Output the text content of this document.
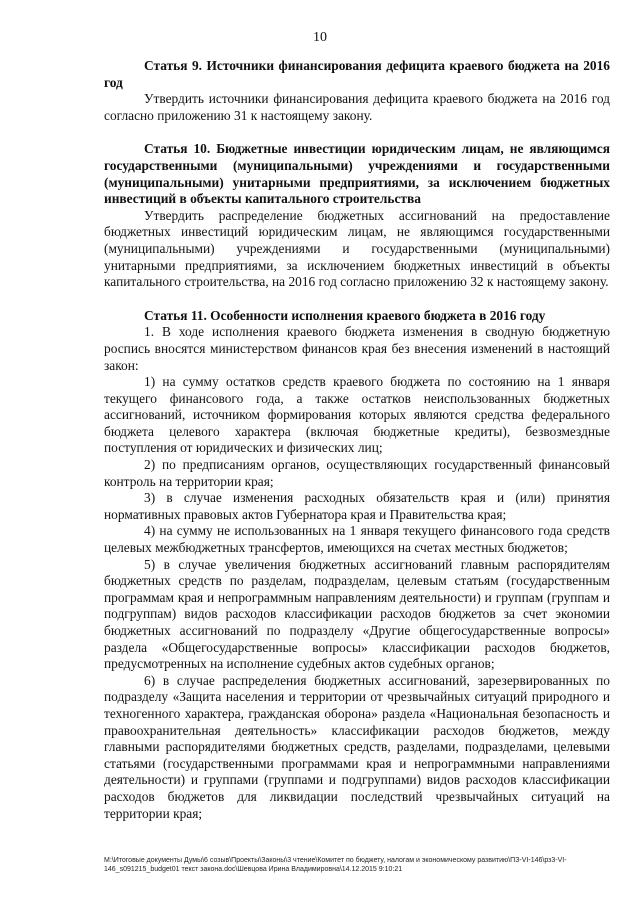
10

Статья 9. Источники финансирования дефицита краевого бюджета на 2016 год

Утвердить источники финансирования дефицита краевого бюджета на 2016 год согласно приложению 31 к настоящему закону.

Статья 10. Бюджетные инвестиции юридическим лицам, не являющимся государственными (муниципальными) учреждениями и государственными (муниципальными) унитарными предприятиями, за исключением бюджетных инвестиций в объекты капитального строительства

Утвердить распределение бюджетных ассигнований на предоставление бюджетных инвестиций юридическим лицам, не являющимся государственными (муниципальными) учреждениями и государственными (муниципальными) унитарными предприятиями, за исключением бюджетных инвестиций в объекты капитального строительства, на 2016 год согласно приложению 32 к настоящему закону.

Статья 11. Особенности исполнения краевого бюджета в 2016 году

1. В ходе исполнения краевого бюджета изменения в сводную бюджетную роспись вносятся министерством финансов края без внесения изменений в настоящий закон:

1) на сумму остатков средств краевого бюджета по состоянию на 1 января текущего финансового года, а также остатков неиспользованных бюджетных ассигнований, источником формирования которых являются средства федерального бюджета целевого характера (включая бюджетные кредиты), безвозмездные поступления от юридических и физических лиц;

2) по предписаниям органов, осуществляющих государственный финансовый контроль на территории края;

3) в случае изменения расходных обязательств края и (или) принятия нормативных правовых актов Губернатора края и Правительства края;

4) на сумму не использованных на 1 января текущего финансового года средств целевых межбюджетных трансфертов, имеющихся на счетах местных бюджетов;

5) в случае увеличения бюджетных ассигнований главным распорядителям бюджетных средств по разделам, подразделам, целевым статьям (государственным программам края и непрограммным направлениям деятельности) и группам (группам и подгруппам) видов расходов классификации расходов бюджетов за счет экономии бюджетных ассигнований по подразделу «Другие общегосударственные вопросы» раздела «Общегосударственные вопросы» классификации расходов бюджетов, предусмотренных на исполнение судебных актов судебных органов;

6) в случае распределения бюджетных ассигнований, зарезервированных по подразделу «Защита населения и территории от чрезвычайных ситуаций природного и техногенного характера, гражданская оборона» раздела «Национальная безопасность и правоохранительная деятельность» классификации расходов бюджетов, между главными распорядителями бюджетных средств, разделами, подразделами, целевыми статьями (государственными программами края и непрограммными направлениями деятельности) и группами (группами и подгруппами) видов расходов классификации расходов бюджетов для ликвидации последствий чрезвычайных ситуаций на территории края;

М:\Итоговые документы Думы\6 созыв\Проекты\Законы\3 чтение\Комитет по бюджету, налогам и экономическому развитию\ПЗ-VI-146\рз3-VI-146_s091215_budget01 текст закона.doc\Шевцова Ирина Владимировна\14.12.2015 9:10:21
